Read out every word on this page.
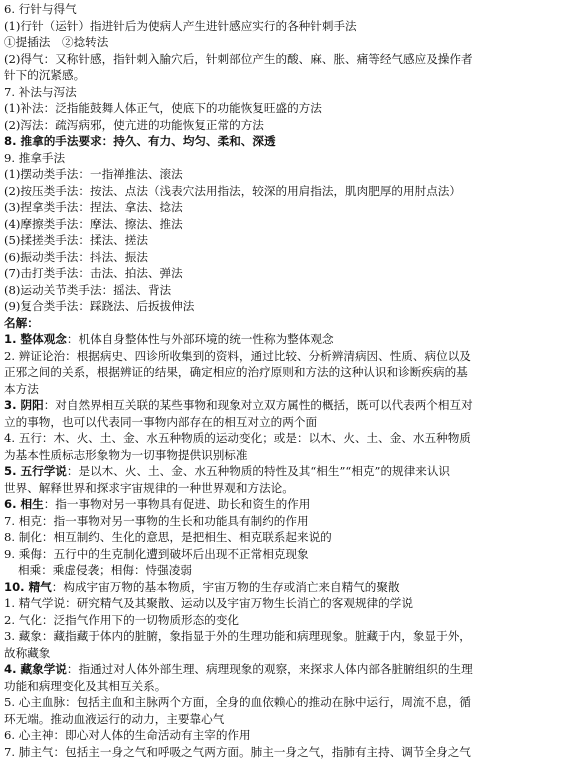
6. 行针与得气
(1)行针（运针）指进针后为使病人产生进针感应实行的各种针刺手法
①提插法　②捻转法
(2)得气：又称针感，指针刺入腧穴后，针刺部位产生的酸、麻、胀、痛等经气感应及操作者
针下的沉紧感。
7. 补法与泻法
(1)补法：泛指能鼓舞人体正气，使底下的功能恢复旺盛的方法
(2)泻法：疏泻病邪，使亢进的功能恢复正常的方法
8. 推拿的手法要求：持久、有力、均匀、柔和、深透
9. 推拿手法
(1)摆动类手法：一指禅推法、滚法
(2)按压类手法：按法、点法（浅表穴法用指法，较深的用肩指法，肌肉肥厚的用肘点法）
(3)捏拿类手法：捏法、拿法、捻法
(4)摩擦类手法：摩法、擦法、推法
(5)揉搓类手法：揉法、搓法
(6)振动类手法：抖法、振法
(7)击打类手法：击法、拍法、弹法
(8)运动关节类手法：摇法、背法
(9)复合类手法：踩跷法、后扳拔伸法
名解：
1. 整体观念：机体自身整体性与外部环境的统一性称为整体观念
2. 辨证论治：根据病史、四诊所收集到的资料，通过比较、分析辨清病因、性质、病位以及
正邪之间的关系，根据辨证的结果，确定相应的治疗原则和方法的这种认识和诊断疾病的基
本方法
3. 阴阳：对自然界相互关联的某些事物和现象对立双方属性的概括，既可以代表两个相互对
立的事物，也可以代表同一事物内部存在的相互对立的两个面
4. 五行：木、火、土、金、水五种物质的运动变化；或是：以木、火、土、金、水五种物质
为基本性质标志形象物为一切事物提供识别标准
5. 五行学说：是以木、火、土、金、水五种物质的特性及其“相生”“相克”的规律来认识
世界、解释世界和探求宇宙规律的一种世界观和方法论。
6. 相生：指一事物对另一事物具有促进、助长和资生的作用
7. 相克：指一事物对另一事物的生长和功能具有制约的作用
8. 制化：相互制约、生化的意思，是把相生、相克联系起来说的
9. 乘侮：五行中的生克制化遭到破坏后出现不正常相克现象
相乘：乘虚侵袭；相侮：恃强凌弱
10. 精气：构成宇宙万物的基本物质，宇宙万物的生存或消亡来自精气的聚散
1. 精气学说：研究精气及其聚散、运动以及宇宙万物生长消亡的客观规律的学说
2. 气化：泛指气作用下的一切物质形态的变化
3. 藏象：藏指藏于体内的脏腑，象指显于外的生理功能和病理现象。脏藏于内，象显于外，
故称藏象
4. 藏象学说：指通过对人体外部生理、病理现象的观察，来探求人体内部各脏腑组织的生理
功能和病理变化及其相互关系。
5. 心主血脉：包括主血和主脉两个方面，全身的血依赖心的推动在脉中运行，周流不息，循
环无端。推动血液运行的动力，主要靠心气
6. 心主神：即心对人体的生命活动有主宰的作用
7. 肺主气：包括主一身之气和呼吸之气两方面。肺主一身之气，指肺有主持、调节全身之气
